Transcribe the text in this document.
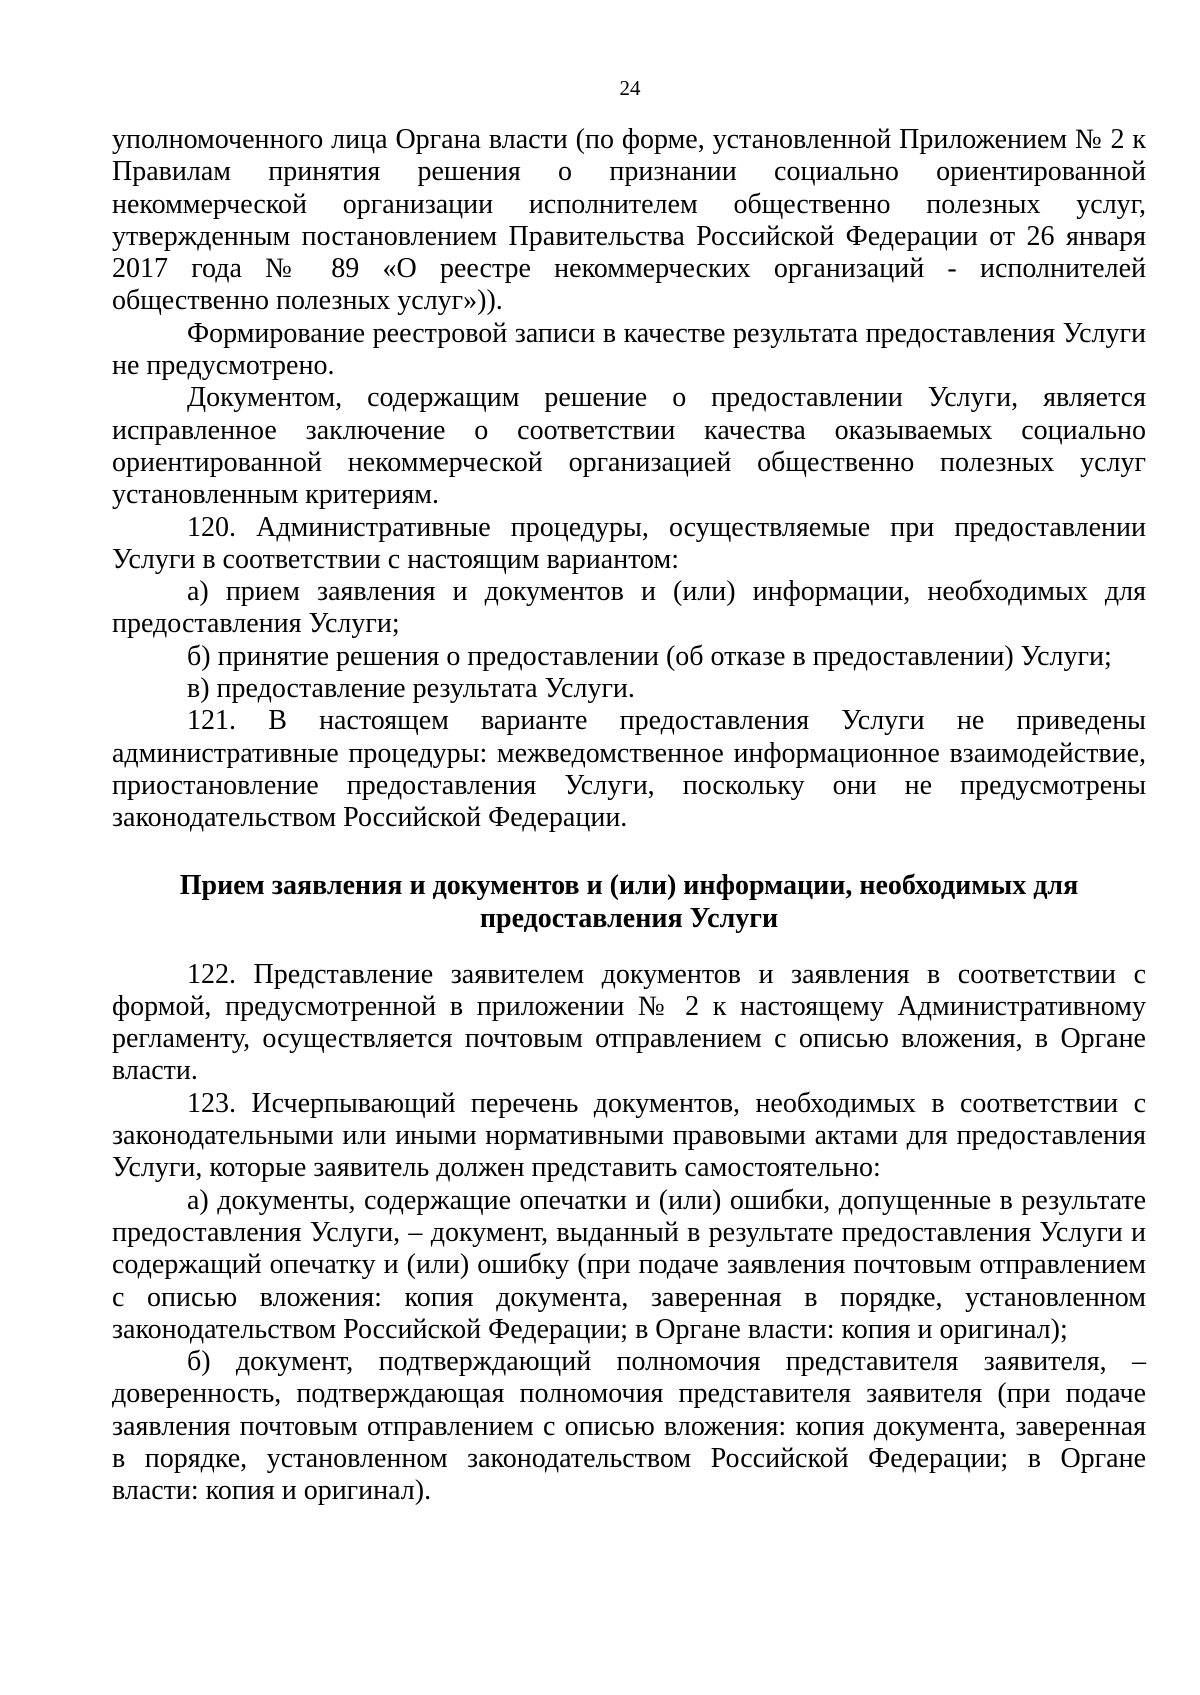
24

уполномоченного лица Органа власти (по форме, установленной Приложением № 2 к Правилам принятия решения о признании социально ориентированной некоммерческой организации исполнителем общественно полезных услуг, утвержденным постановлением Правительства Российской Федерации от 26 января 2017 года № 89 «О реестре некоммерческих организаций - исполнителей общественно полезных услуг»)).

Формирование реестровой записи в качестве результата предоставления Услуги не предусмотрено.

Документом, содержащим решение о предоставлении Услуги, является исправленное заключение о соответствии качества оказываемых социально ориентированной некоммерческой организацией общественно полезных услуг установленным критериям.

120. Административные процедуры, осуществляемые при предоставлении Услуги в соответствии с настоящим вариантом:

а) прием заявления и документов и (или) информации, необходимых для предоставления Услуги;

б) принятие решения о предоставлении (об отказе в предоставлении) Услуги;

в) предоставление результата Услуги.

121. В настоящем варианте предоставления Услуги не приведены административные процедуры: межведомственное информационное взаимодействие, приостановление предоставления Услуги, поскольку они не предусмотрены законодательством Российской Федерации.

Прием заявления и документов и (или) информации, необходимых для предоставления Услуги

122. Представление заявителем документов и заявления в соответствии с формой, предусмотренной в приложении № 2 к настоящему Административному регламенту, осуществляется почтовым отправлением с описью вложения, в Органе власти.

123. Исчерпывающий перечень документов, необходимых в соответствии с законодательными или иными нормативными правовыми актами для предоставления Услуги, которые заявитель должен представить самостоятельно:

а) документы, содержащие опечатки и (или) ошибки, допущенные в результате предоставления Услуги, – документ, выданный в результате предоставления Услуги и содержащий опечатку и (или) ошибку (при подаче заявления почтовым отправлением с описью вложения: копия документа, заверенная в порядке, установленном законодательством Российской Федерации; в Органе власти: копия и оригинал);

б) документ, подтверждающий полномочия представителя заявителя, – доверенность, подтверждающая полномочия представителя заявителя (при подаче заявления почтовым отправлением с описью вложения: копия документа, заверенная в порядке, установленном законодательством Российской Федерации; в Органе власти: копия и оригинал).
